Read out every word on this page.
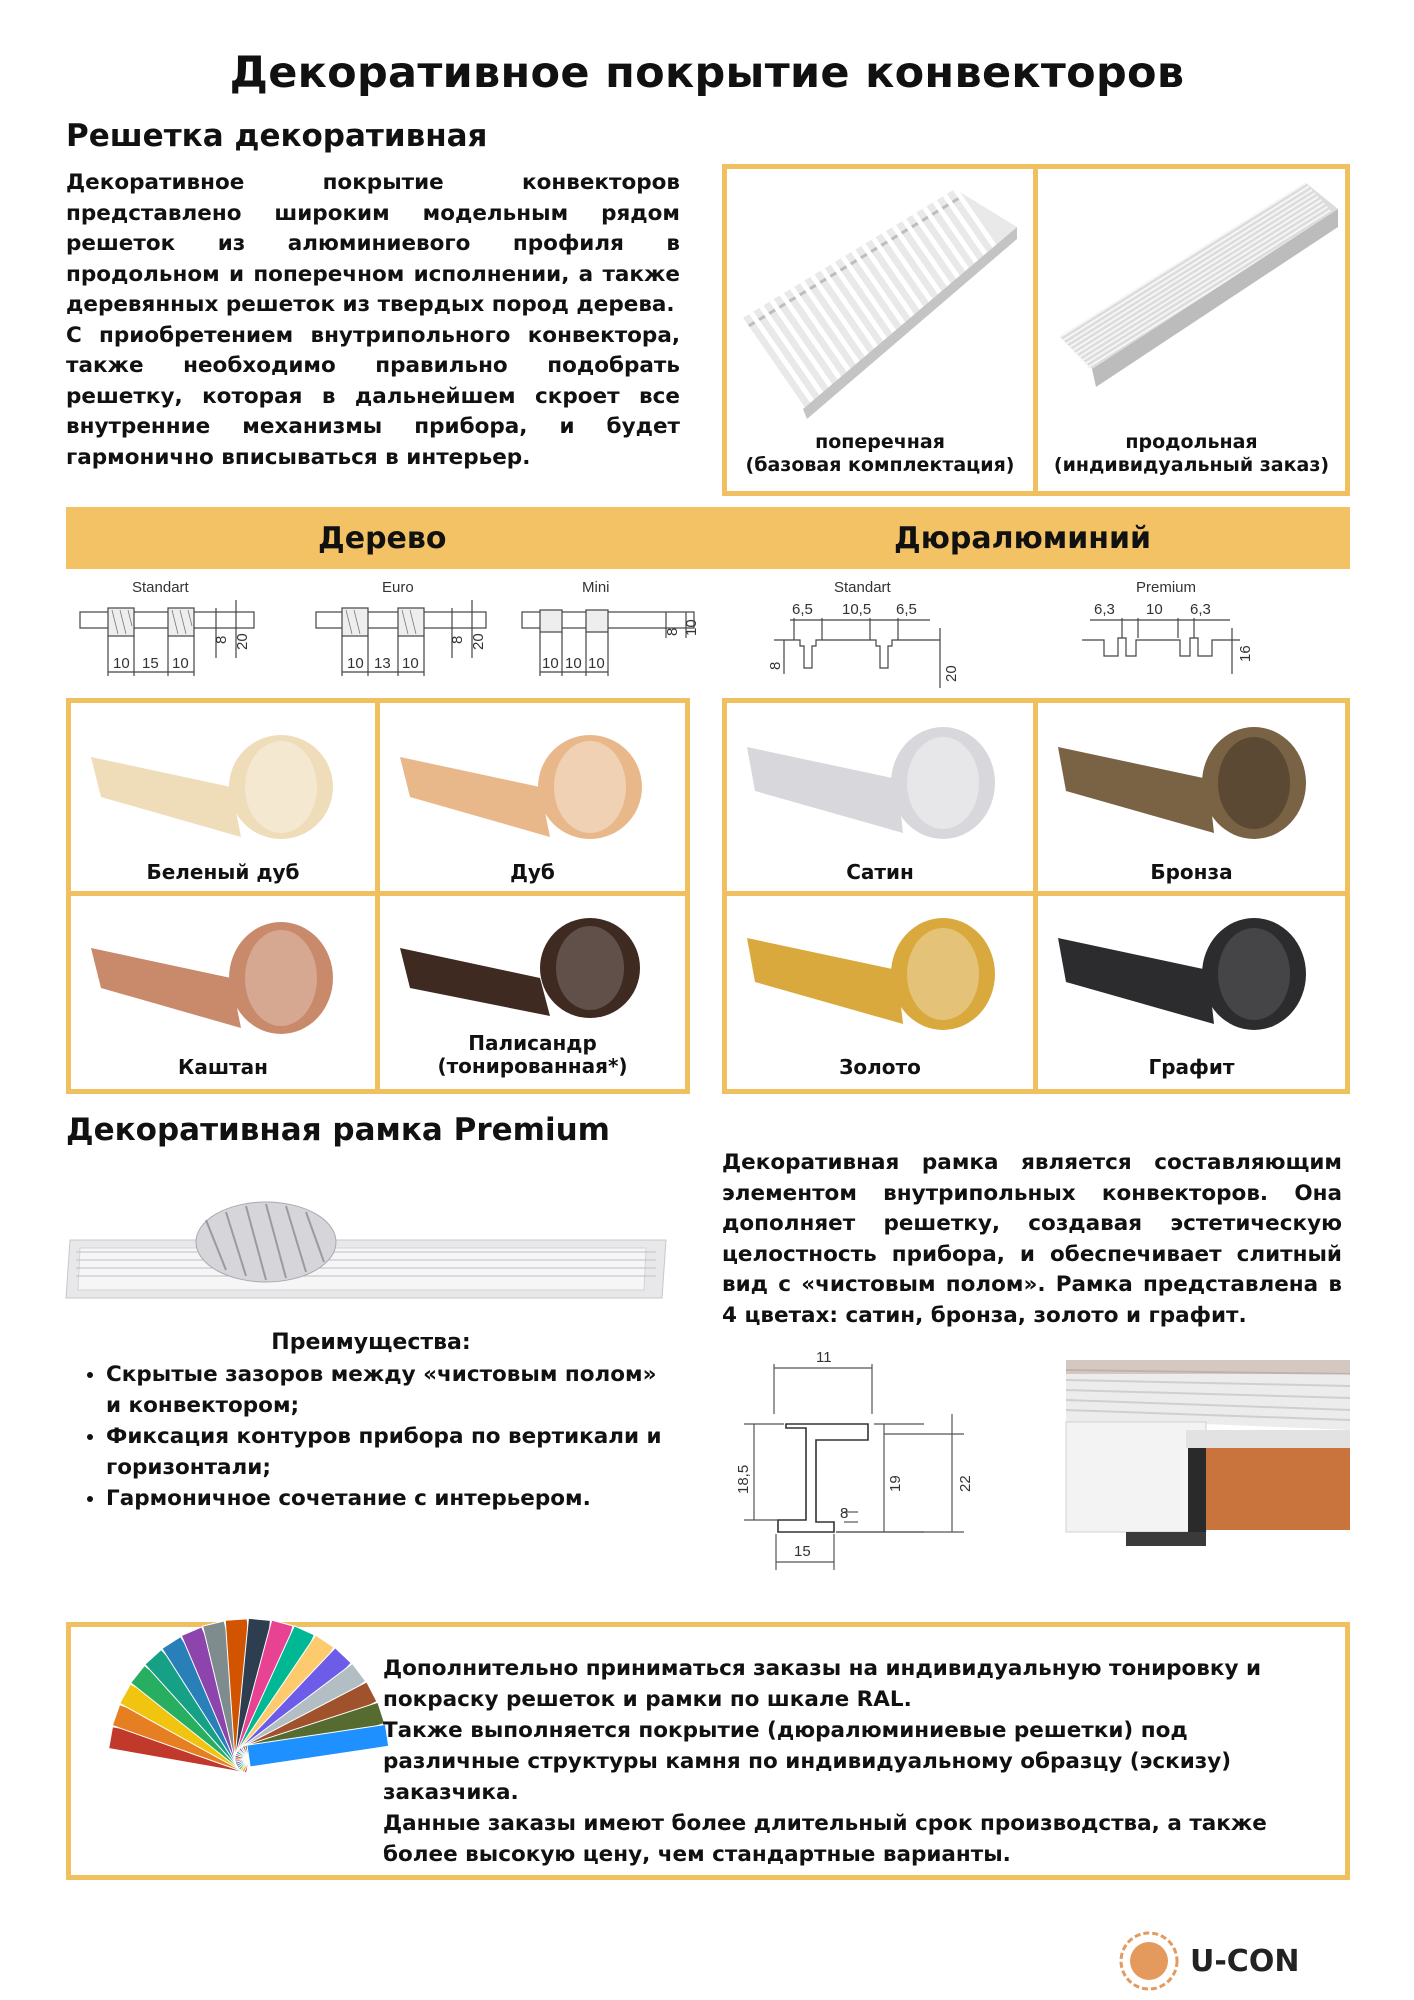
Декоративное покрытие конвекторов
Решетка декоративная
Декоративное покрытие конвекторов представлено широким модельным рядом решеток из алюминиевого профиля в продольном и поперечном исполнении, а также деревянных решеток из твердых пород дерева.
С приобретением внутрипольного конвектора, также необходимо правильно подобрать решетку, которая в дальнейшем скроет все внутренние механизмы прибора, и будет гармонично вписываться в интерьер.
поперечная
(базовая комплектация)
продольная
(индивидуальный заказ)
Дерево	Дюралюминий
Standart
10 15 10
8 20
Euro
10 13 10
8 20
Mini
10 10 10
8 10
Standart
6,5 10,5 6,5
8	20
Premium
6,3 10 6,3
16
Беленый дуб	Дуб
Каштан
Палисандр
(тонированная*)
Сатин	Бронза
Золото	Графит
Декоративная рамка Premium
Преимущества:
• Скрытые зазоров между «чистовым полом» и конвектором;
• Фиксация контуров прибора по вертикали и горизонтали;
• Гармоничное сочетание с интерьером.
Декоративная рамка является составляющим элементом внутрипольных конвекторов. Она дополняет решетку, создавая эстетическую целостность прибора, и обеспечивает слитный вид с «чистовым полом». Рамка представлена в 4 цветах: сатин, бронза, золото и графит.
11
18,5
8
19	22
15
Дополнительно приниматься заказы на индивидуальную тонировку и покраску решеток и рамки по шкале RAL.
Также выполняется покрытие (дюралюминиевые решетки) под различные структуры камня по индивидуальному образцу (эскизу) заказчика.
Данные заказы имеют более длительный срок производства, а также более высокую цену, чем стандартные варианты.
U-CON
